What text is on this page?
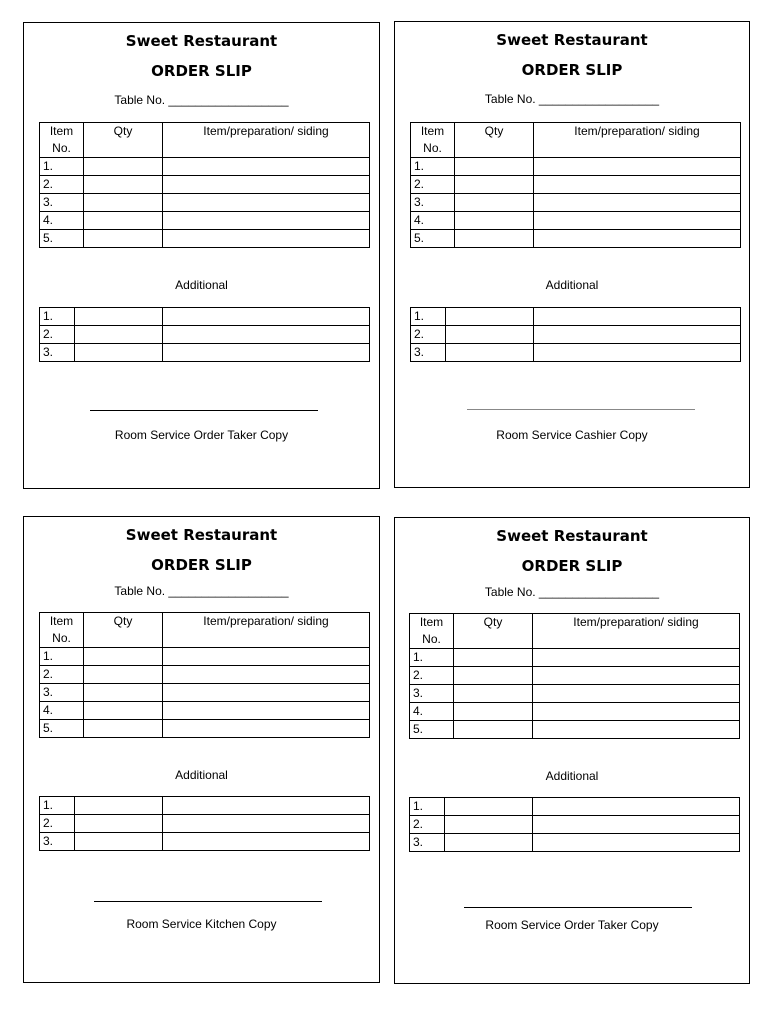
Sweet Restaurant
ORDER SLIP
Table No. __________________
Item No.	Qty	Item/preparation/ siding
1.		
2.		
3.		
4.		
5.		
Additional
1.		
2.		
3.		
Room Service Order Taker Copy
Sweet Restaurant
ORDER SLIP
Table No. __________________
Item No.	Qty	Item/preparation/ siding
1.		
2.		
3.		
4.		
5.		
Additional
1.		
2.		
3.		
Room Service Cashier Copy
Sweet Restaurant
ORDER SLIP
Table No. __________________
Item No.	Qty	Item/preparation/ siding
1.		
2.		
3.		
4.		
5.		
Additional
1.		
2.		
3.		
Room Service Kitchen Copy
Sweet Restaurant
ORDER SLIP
Table No. __________________
Item No.	Qty	Item/preparation/ siding
1.		
2.		
3.		
4.		
5.		
Additional
1.		
2.		
3.		
Room Service Order Taker Copy
